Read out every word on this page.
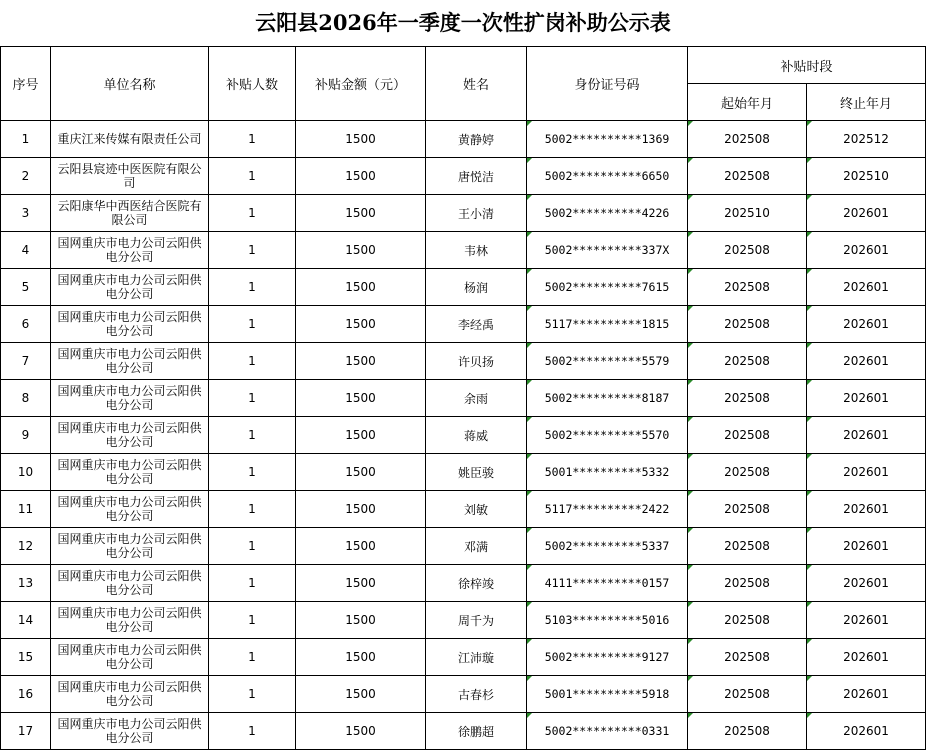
云阳县2026年一季度一次性扩岗补助公示表
序号	单位名称	补贴人数	补贴金额（元）	姓名	身份证号码	补贴时段	
						起始年月	终止年月
1	重庆江来传媒有限责任公司	1	1500	黄静婷	5002**********1369	202508	202512
2	云阳县宸迹中医医院有限公司	1	1500	唐悦洁	5002**********6650	202508	202510
3	云阳康华中西医结合医院有限公司	1	1500	王小清	5002**********4226	202510	202601
4	国网重庆市电力公司云阳供电分公司	1	1500	韦林	5002**********337X	202508	202601
5	国网重庆市电力公司云阳供电分公司	1	1500	杨润	5002**********7615	202508	202601
6	国网重庆市电力公司云阳供电分公司	1	1500	李经禹	5117**********1815	202508	202601
7	国网重庆市电力公司云阳供电分公司	1	1500	许贝扬	5002**********5579	202508	202601
8	国网重庆市电力公司云阳供电分公司	1	1500	余雨	5002**********8187	202508	202601
9	国网重庆市电力公司云阳供电分公司	1	1500	蒋威	5002**********5570	202508	202601
10	国网重庆市电力公司云阳供电分公司	1	1500	姚臣骏	5001**********5332	202508	202601
11	国网重庆市电力公司云阳供电分公司	1	1500	刘敏	5117**********2422	202508	202601
12	国网重庆市电力公司云阳供电分公司	1	1500	邓满	5002**********5337	202508	202601
13	国网重庆市电力公司云阳供电分公司	1	1500	徐梓竣	4111**********0157	202508	202601
14	国网重庆市电力公司云阳供电分公司	1	1500	周千为	5103**********5016	202508	202601
15	国网重庆市电力公司云阳供电分公司	1	1500	江沛璇	5002**********9127	202508	202601
16	国网重庆市电力公司云阳供电分公司	1	1500	古春杉	5001**********5918	202508	202601
17	国网重庆市电力公司云阳供电分公司	1	1500	徐鹏超	5002**********0331	202508	202601
